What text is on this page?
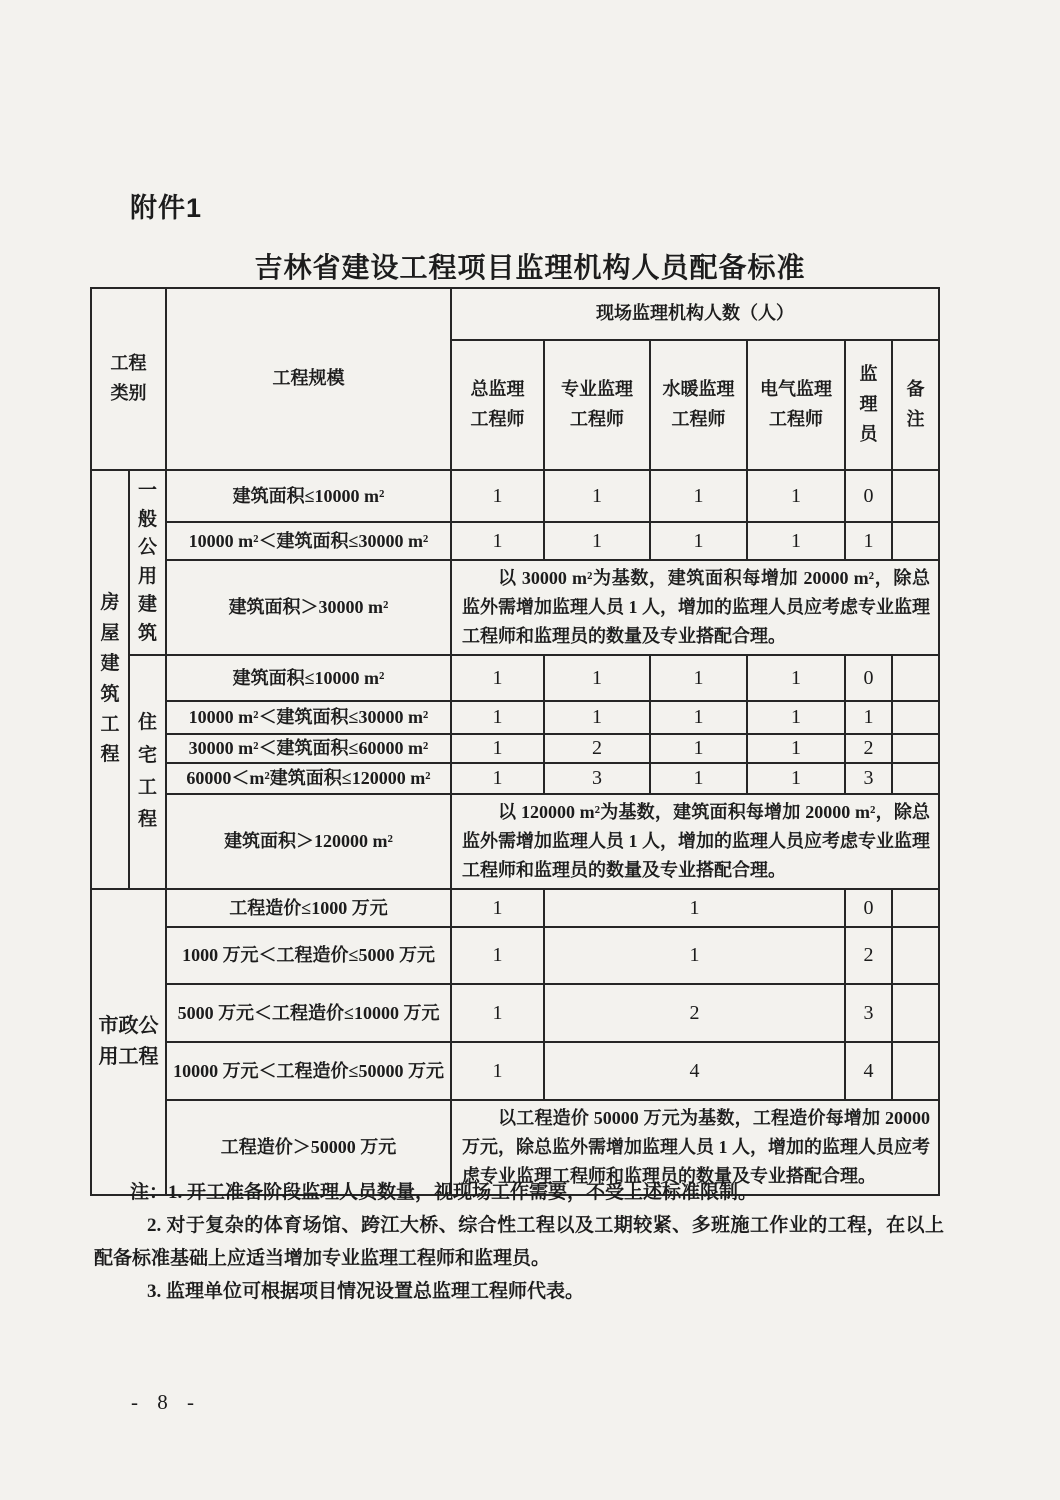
附件1
吉林省建设工程项目监理机构人员配备标准
工程类别		工程规模	现场监理机构人数（人）					
			总监理工程师	专业监理工程师	水暖监理工程师	电气监理工程师	监理员	备注
房屋建筑工程	一般公用建筑	建筑面积≤10000 m²	1	1	1	1	0	
		10000 m²＜建筑面积≤30000 m²	1	1	1	1	1	
		建筑面积＞30000 m²	以 30000 m²为基数，建筑面积每增加 20000 m²，除总监外需增加监理人员 1 人，增加的监理人员应考虑专业监理工程师和监理员的数量及专业搭配合理。					
	住宅工程	建筑面积≤10000 m²	1	1	1	1	0	
		10000 m²＜建筑面积≤30000 m²	1	1	1	1	1	
		30000 m²＜建筑面积≤60000 m²	1	2	1	1	2	
		60000＜m²建筑面积≤120000 m²	1	3	1	1	3	
		建筑面积＞120000 m²	以 120000 m²为基数，建筑面积每增加 20000 m²，除总监外需增加监理人员 1 人，增加的监理人员应考虑专业监理工程师和监理员的数量及专业搭配合理。					
市政公用工程		工程造价≤1000 万元	1	1			0	
		1000 万元＜工程造价≤5000 万元	1	1			2	
		5000 万元＜工程造价≤10000 万元	1	2			3	
		10000 万元＜工程造价≤50000 万元	1	4			4	
		工程造价＞50000 万元	以工程造价 50000 万元为基数，工程造价每增加 20000 万元，除总监外需增加监理人员 1 人，增加的监理人员应考虑专业监理工程师和监理员的数量及专业搭配合理。					

注：1. 开工准备阶段监理人员数量，视现场工作需要，不受上述标准限制。

2. 对于复杂的体育场馆、跨江大桥、综合性工程以及工期较紧、多班施工作业的工程，在以上配备标准基础上应适当增加专业监理工程师和监理员。

3. 监理单位可根据项目情况设置总监理工程师代表。

- 8 -
